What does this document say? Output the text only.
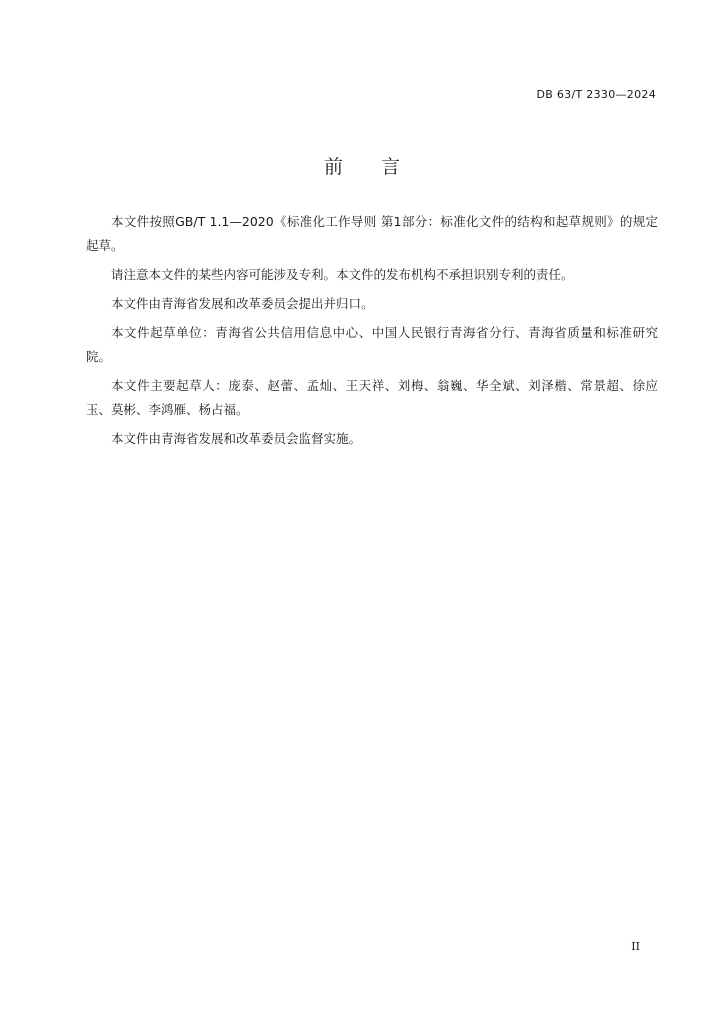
DB 63/T 2330—2024
前　　言

本文件按照GB/T 1.1—2020《标准化工作导则 第1部分：标准化文件的结构和起草规则》的规定起草。

请注意本文件的某些内容可能涉及专利。本文件的发布机构不承担识别专利的责任。

本文件由青海省发展和改革委员会提出并归口。

本文件起草单位：青海省公共信用信息中心、中国人民银行青海省分行、青海省质量和标准研究院。

本文件主要起草人：庞泰、赵蕾、孟灿、王天祥、刘梅、翁巍、华全斌、刘泽楷、常景超、徐应玉、莫彬、李鸿雁、杨占福。

本文件由青海省发展和改革委员会监督实施。

II
